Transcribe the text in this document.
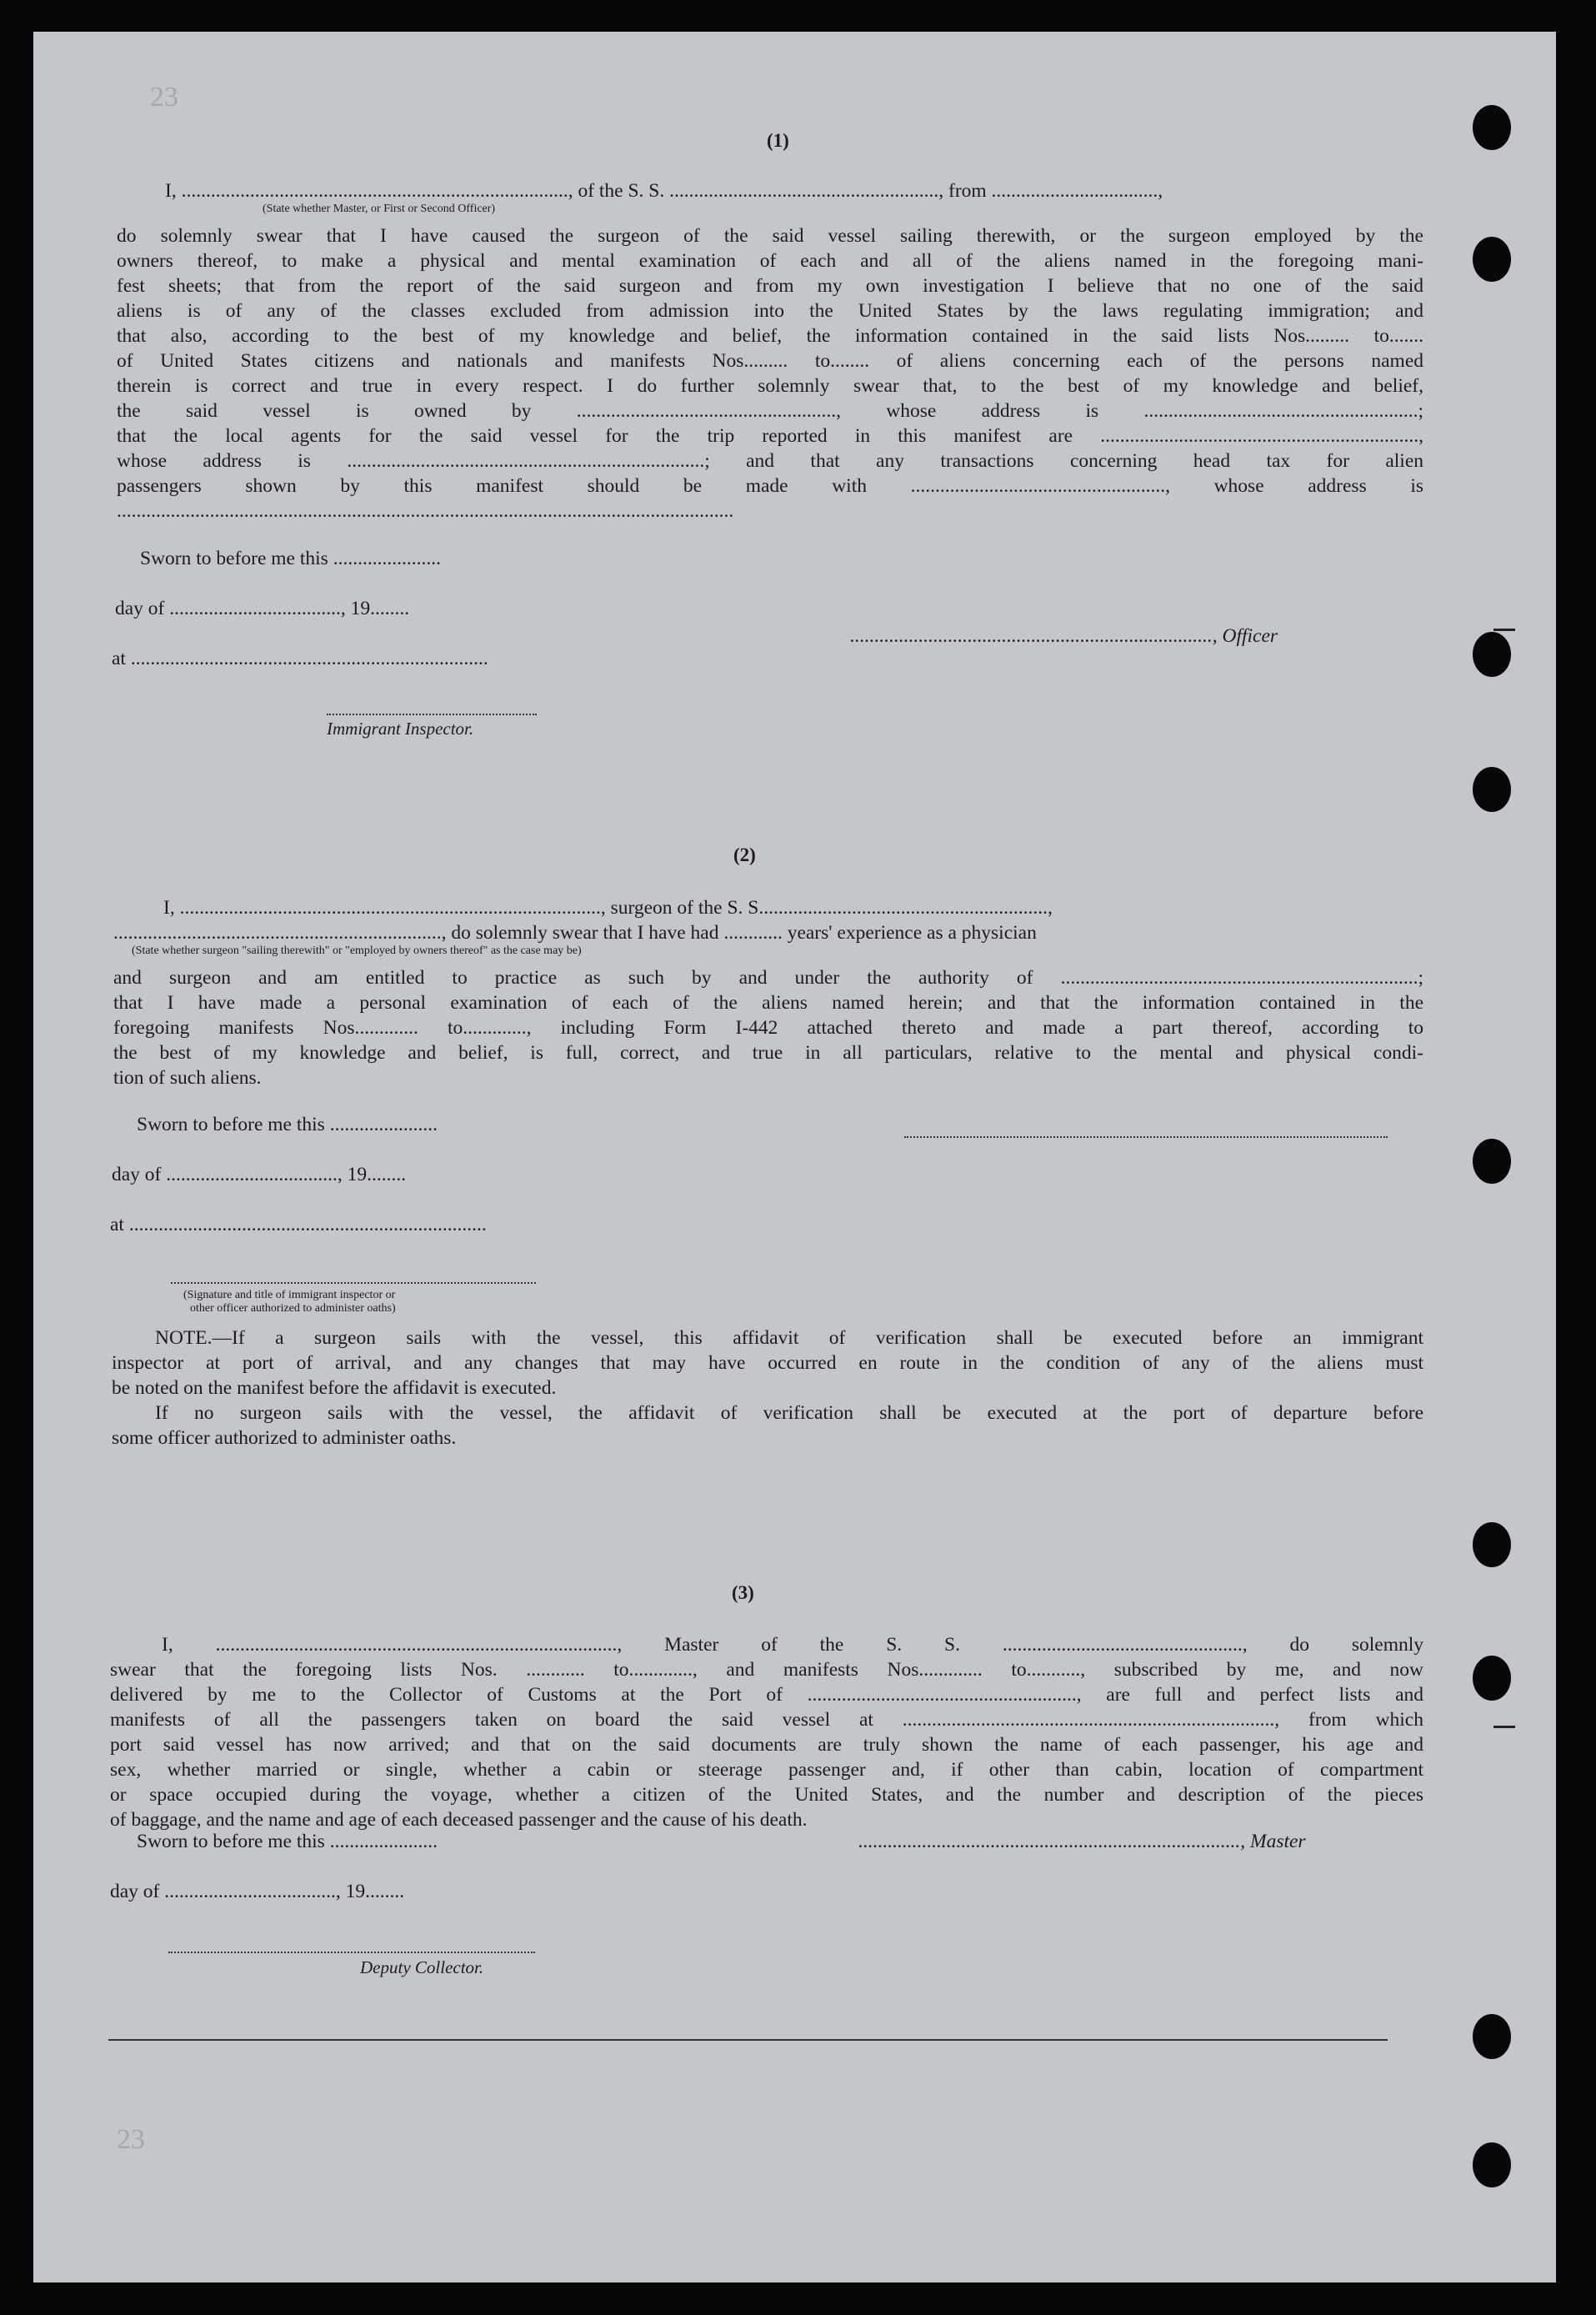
23
23
(1)
I, ..............................................................................., of the S. S. ......................................................., from ..................................,
(State whether Master, or First or Second Officer)
do solemnly swear that I have caused the surgeon of the said vessel sailing therewith, or the surgeon employed by the
owners thereof, to make a physical and mental examination of each and all of the aliens named in the foregoing mani-
fest sheets; that from the report of the said surgeon and from my own investigation I believe that no one of the said
aliens is of any of the classes excluded from admission into the United States by the laws regulating immigration; and
that also, according to the best of my knowledge and belief, the information contained in the said lists Nos......... to.......
of United States citizens and nationals and manifests Nos......... to........ of aliens concerning each of the persons named
therein is correct and true in every respect. I do further solemnly swear that, to the best of my knowledge and belief,
the said vessel is owned by ....................................................., whose address is ........................................................;
that the local agents for the said vessel for the trip reported in this manifest are .................................................................,
whose address is .........................................................................; and that any transactions concerning head tax for alien
passengers shown by this manifest should be made with ...................................................., whose address is
..............................................................................................................................
Sworn to before me this ......................
day of ..................................., 19........
at .........................................................................
.........................................................................., Officer
Immigrant Inspector.
(2)
I, ......................................................................................, surgeon of the S. S...........................................................,
..................................................................., do solemnly swear that I have had ............ years' experience as a physician
(State whether surgeon "sailing therewith" or "employed by owners thereof" as the case may be)
and surgeon and am entitled to practice as such by and under the authority of .........................................................................;
that I have made a personal examination of each of the aliens named herein; and that the information contained in the
foregoing manifests Nos............. to............., including Form I-442 attached thereto and made a part thereof, according to
the best of my knowledge and belief, is full, correct, and true in all particulars, relative to the mental and physical condi-
tion of such aliens.
Sworn to before me this ......................
day of ..................................., 19........
at .........................................................................
(Signature and title of immigrant inspector or
other officer authorized to administer oaths)
NOTE.—If a surgeon sails with the vessel, this affidavit of verification shall be executed before an immigrant
inspector at port of arrival, and any changes that may have occurred en route in the condition of any of the aliens must
be noted on the manifest before the affidavit is executed.
If no surgeon sails with the vessel, the affidavit of verification shall be executed at the port of departure before
some officer authorized to administer oaths.
(3)
I, .................................................................................., Master of the S. S. ................................................., do solemnly
swear that the foregoing lists Nos. ............ to............., and manifests Nos............. to..........., subscribed by me, and now
delivered by me to the Collector of Customs at the Port of ......................................................., are full and perfect lists and
manifests of all the passengers taken on board the said vessel at ............................................................................, from which
port said vessel has now arrived; and that on the said documents are truly shown the name of each passenger, his age and
sex, whether married or single, whether a cabin or steerage passenger and, if other than cabin, location of compartment
or space occupied during the voyage, whether a citizen of the United States, and the number and description of the pieces
of baggage, and the name and age of each deceased passenger and the cause of his death.
Sworn to before me this ......................	.............................................................................., Master
day of ..................................., 19........
Deputy Collector.
